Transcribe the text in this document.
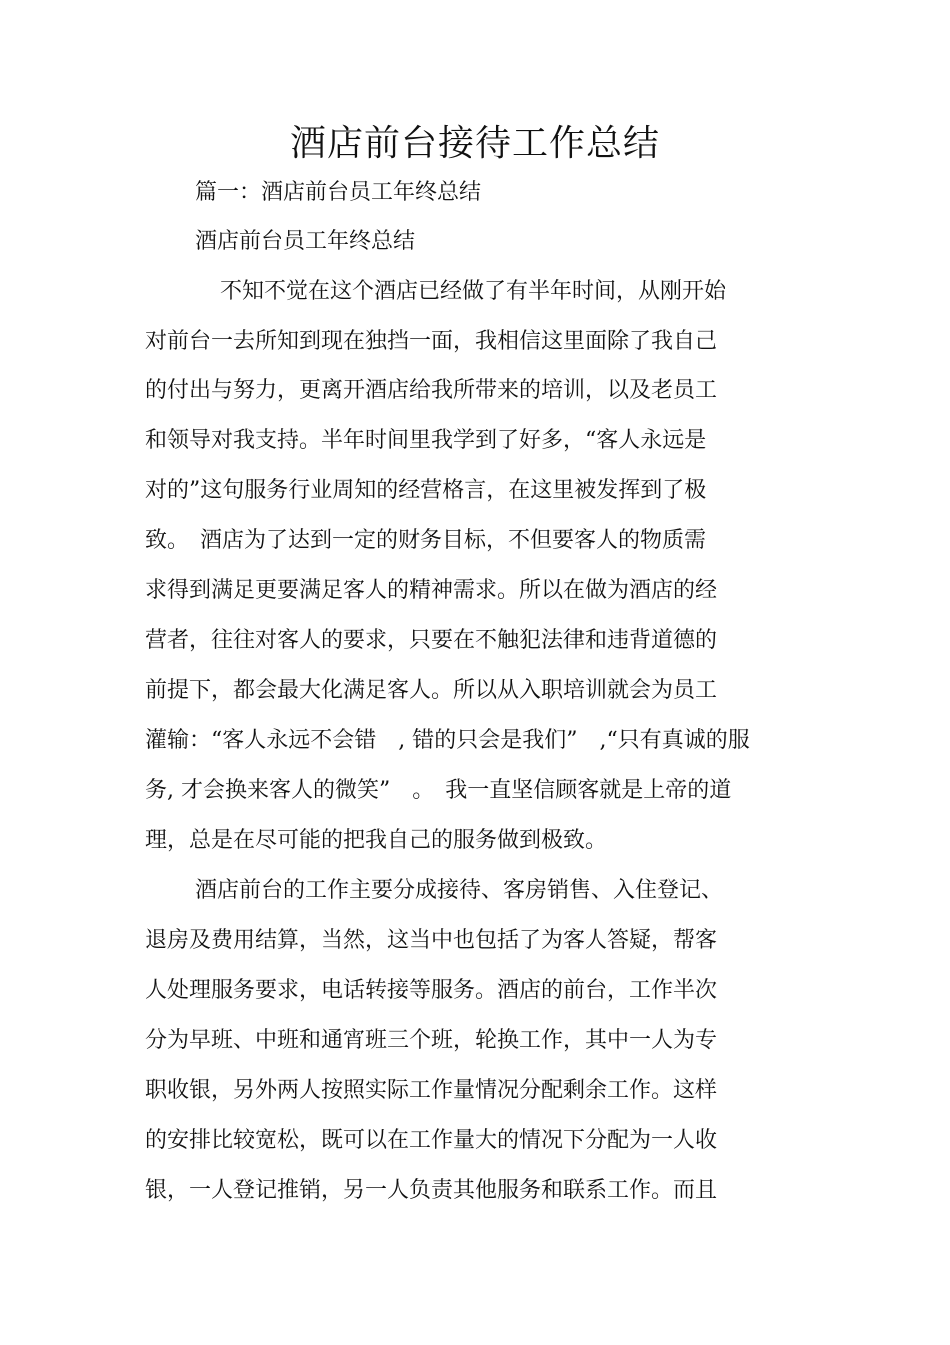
酒店前台接待工作总结

篇一：酒店前台员工年终总结

酒店前台员工年终总结

不知不觉在这个酒店已经做了有半年时间，从刚开始

对前台一去所知到现在独挡一面，我相信这里面除了我自己

的付出与努力，更离开酒店给我所带来的培训，以及老员工

和领导对我支持。半年时间里我学到了好多，“客人永远是

对的”这句服务行业周知的经营格言，在这里被发挥到了极

致。　酒店为了达到一定的财务目标，不但要客人的物质需

求得到满足更要满足客人的精神需求。所以在做为酒店的经

营者，往往对客人的要求，只要在不触犯法律和违背道德的

前提下，都会最大化满足客人。所以从入职培训就会为员工

灌输：“客人永远不会错　, 错的只会是我们”　,“只有真诚的服

务, 才会换来客人的微笑”　。　我一直坚信顾客就是上帝的道

理，总是在尽可能的把我自己的服务做到极致。

酒店前台的工作主要分成接待、客房销售、入住登记、

退房及费用结算，当然，这当中也包括了为客人答疑，帮客

人处理服务要求，电话转接等服务。酒店的前台，工作半次

分为早班、中班和通宵班三个班，轮换工作，其中一人为专

职收银，另外两人按照实际工作量情况分配剩余工作。这样

的安排比较宽松，既可以在工作量大的情况下分配为一人收

银，一人登记推销，另一人负责其他服务和联系工作。而且
